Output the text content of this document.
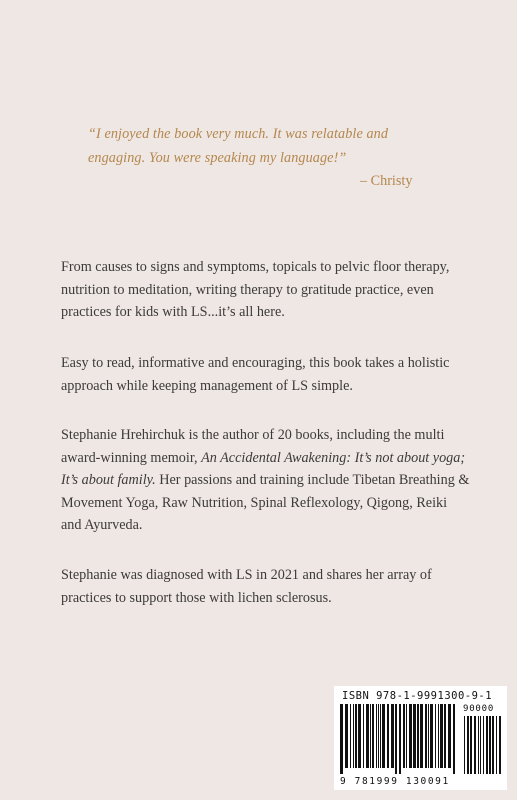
“I enjoyed the book very much. It was relatable and engaging. You were speaking my language!”
– Christy
From causes to signs and symptoms, topicals to pelvic floor therapy, nutrition to meditation, writing therapy to gratitude practice, even practices for kids with LS...it’s all here.
Easy to read, informative and encouraging, this book takes a holistic approach while keeping management of LS simple.
Stephanie Hrehirchuk is the author of 20 books, including the multi award-winning memoir, An Accidental Awakening: It’s not about yoga; It’s about family. Her passions and training include Tibetan Breathing & Movement Yoga, Raw Nutrition, Spinal Reflexology, Qigong, Reiki and Ayurveda.
Stephanie was diagnosed with LS in 2021 and shares her array of practices to support those with lichen sclerosus.
ISBN 978-1-9991300-9-1
9 781999 130091
90000
